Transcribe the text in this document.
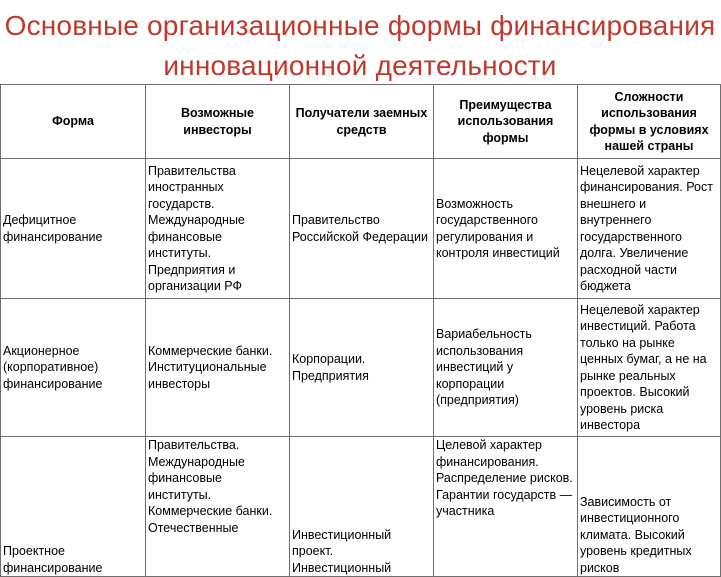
Основные организационные формы финансирования инновационной деятельности
Форма	Возможные инвесторы	Получатели заемных средств	Преимущества использования формы	Сложности использования формы в условиях нашей страны
Дефицитное финансирование	Правительства иностранных государств. Международные финансовые институты. Предприятия и организации РФ	Правительство Российской Федерации	Возможность государственного регулирования и контроля инвестиций	Нецелевой характер финансирования. Рост внешнего и внутреннего государственного долга. Увеличение расходной части бюджета
Акционерное (корпоративное) финансирование	Коммерческие банки. Институциональные инвесторы	Корпорации. Предприятия	Вариабельность использования инвестиций у корпорации (предприятия)	Нецелевой характер инвестиций. Работа только на рынке ценных бумаг, а не на рынке реальных проектов. Высокий уровень риска инвестора
Проектное финансирование	Правительства. Международные финансовые институты. Коммерческие банки. Отечественные	Инвестиционный проект. Инвестиционный	Целевой характер финансирования. Распределение рисков. Гарантии государств — участника	Зависимость от инвестиционного климата. Высокий уровень кредитных рисков
